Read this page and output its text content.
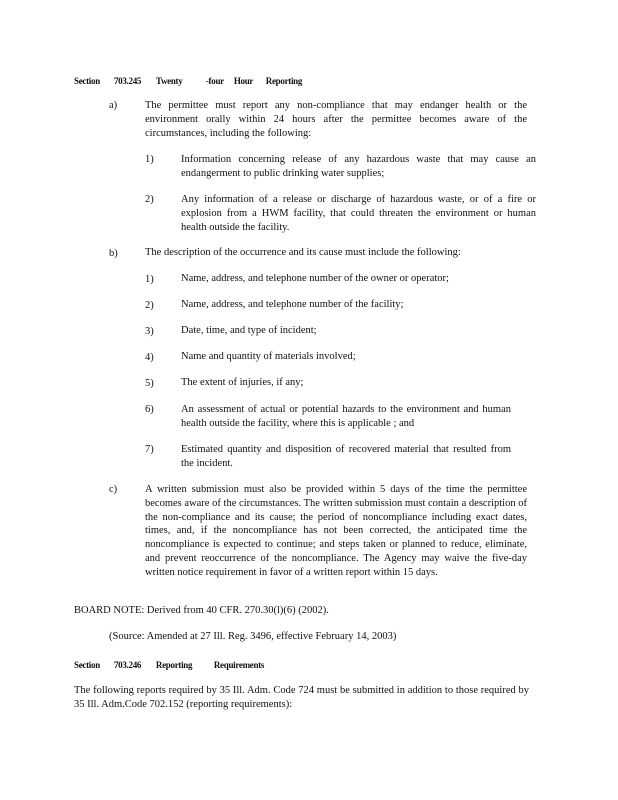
Section 703.245 Twenty	-four Hour Reporting
a)	The permittee must report any non-compliance that may endanger health or the environment orally within 24 hours after the permittee becomes aware of the circumstances, including the following:
1)	Information concerning release of any hazardous waste that may cause an endangerment to public drinking water supplies;
2)	Any information of a release or discharge of hazardous waste, or of a fire or explosion from a HWM facility, that could threaten the environment or human health outside the facility.
b)	The description of the occurrence and its cause must include the following:
1)	Name, address, and telephone number of the owner or operator;
2)	Name, address, and telephone number of the facility;
3)	Date, time, and type of incident;
4)	Name and quantity of materials involved;
5)	The extent of injuries, if any;
6)	An assessment of actual or potential hazards to the environment and human health outside the facility, where this is applicable ; and
7)	Estimated quantity and disposition of recovered material that resulted from the incident.
c)	A written submission must also be provided within 5 days of the time the permittee becomes aware of the circumstances. The written submission must contain a description of the non-compliance and its cause; the period of noncompliance including exact dates, times, and, if the noncompliance has not been corrected, the anticipated time the noncompliance is expected to continue; and steps taken or planned to reduce, eliminate, and prevent reoccurrence of the noncompliance. The Agency may waive the five-day written notice requirement in favor of a written report within 15 days.
BOARD NOTE: Derived from 40 CFR. 270.30(l)(6) (2002).
(Source: Amended at 27 Ill. Reg. 3496, effective February 14, 2003)
Section 703.246 Reporting Requirements
The following reports required by 35 Ill. Adm. Code 724 must be submitted in addition to those required by 35 Ill. Adm.Code 702.152 (reporting requirements):
